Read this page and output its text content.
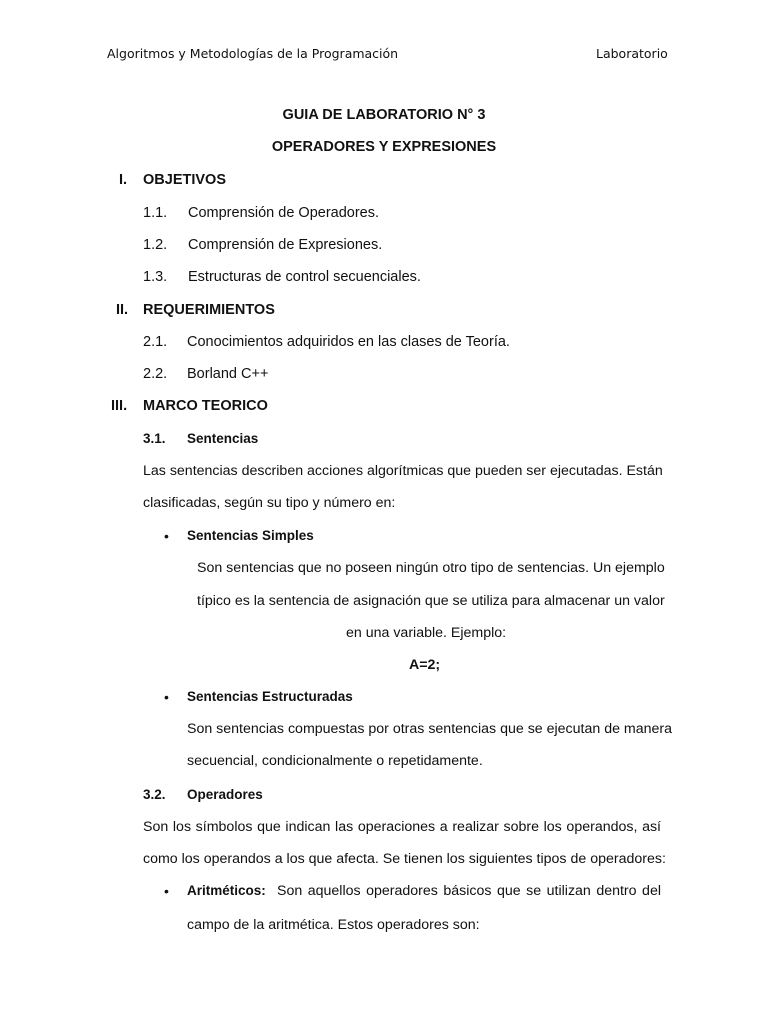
Algoritmos y Metodologías de la Programación	Laboratorio
GUIA DE LABORATORIO N° 3
OPERADORES Y EXPRESIONES
I. OBJETIVOS
1.1. Comprensión de Operadores.
1.2. Comprensión de Expresiones.
1.3. Estructuras de control secuenciales.
II. REQUERIMIENTOS
2.1. Conocimientos adquiridos en las clases de Teoría.
2.2. Borland C++
III. MARCO TEORICO
3.1. Sentencias
Las sentencias describen acciones algorítmicas que pueden ser ejecutadas. Están
clasificadas, según su tipo y número en:
• Sentencias Simples
Son sentencias que no poseen ningún otro tipo de sentencias. Un ejemplo
típico es la sentencia de asignación que se utiliza para almacenar un valor
en una variable. Ejemplo:
A=2;
• Sentencias Estructuradas
Son sentencias compuestas por otras sentencias que se ejecutan de manera
secuencial, condicionalmente o repetidamente.
3.2. Operadores
Son los símbolos que indican las operaciones a realizar sobre los operandos, así
como los operandos a los que afecta. Se tienen los siguientes tipos de operadores:
• Aritméticos: Son aquellos operadores básicos que se utilizan dentro del
campo de la aritmética. Estos operadores son:
